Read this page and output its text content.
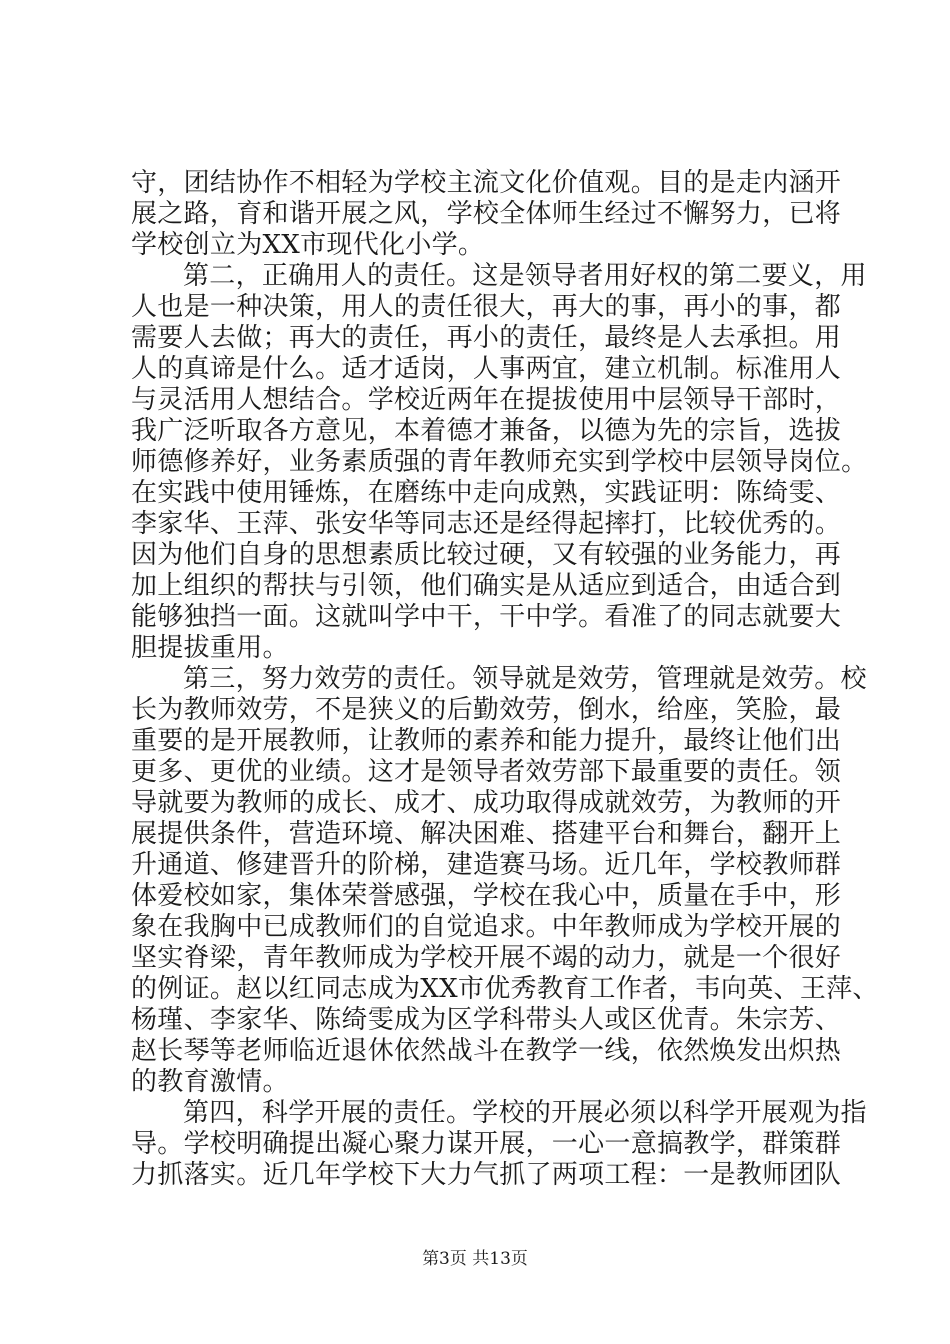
守，团结协作不相轻为学校主流文化价值观。目的是走内涵开
展之路，育和谐开展之风，学校全体师生经过不懈努力，已将
学校创立为XX市现代化小学。
第二，正确用人的责任。这是领导者用好权的第二要义，用
人也是一种决策，用人的责任很大，再大的事，再小的事，都
需要人去做；再大的责任，再小的责任，最终是人去承担。用
人的真谛是什么。适才适岗，人事两宜，建立机制。标准用人
与灵活用人想结合。学校近两年在提拔使用中层领导干部时，
我广泛听取各方意见，本着德才兼备，以德为先的宗旨，选拔
师德修养好，业务素质强的青年教师充实到学校中层领导岗位。
在实践中使用锤炼，在磨练中走向成熟，实践证明：陈绮雯、
李家华、王萍、张安华等同志还是经得起摔打，比较优秀的。
因为他们自身的思想素质比较过硬，又有较强的业务能力，再
加上组织的帮扶与引领，他们确实是从适应到适合，由适合到
能够独挡一面。这就叫学中干，干中学。看准了的同志就要大
胆提拔重用。
第三，努力效劳的责任。领导就是效劳，管理就是效劳。校
长为教师效劳，不是狭义的后勤效劳，倒水，给座，笑脸，最
重要的是开展教师，让教师的素养和能力提升，最终让他们出
更多、更优的业绩。这才是领导者效劳部下最重要的责任。领
导就要为教师的成长、成才、成功取得成就效劳，为教师的开
展提供条件，营造环境、解决困难、搭建平台和舞台，翻开上
升通道、修建晋升的阶梯，建造赛马场。近几年，学校教师群
体爱校如家，集体荣誉感强，学校在我心中，质量在手中，形
象在我胸中已成教师们的自觉追求。中年教师成为学校开展的
坚实脊梁，青年教师成为学校开展不竭的动力，就是一个很好
的例证。赵以红同志成为XX市优秀教育工作者，韦向英、王萍、
杨瑾、李家华、陈绮雯成为区学科带头人或区优青。朱宗芳、
赵长琴等老师临近退休依然战斗在教学一线，依然焕发出炽热
的教育激情。
第四，科学开展的责任。学校的开展必须以科学开展观为指
导。学校明确提出凝心聚力谋开展，一心一意搞教学，群策群
力抓落实。近几年学校下大力气抓了两项工程：一是教师团队
第3页 共13页
